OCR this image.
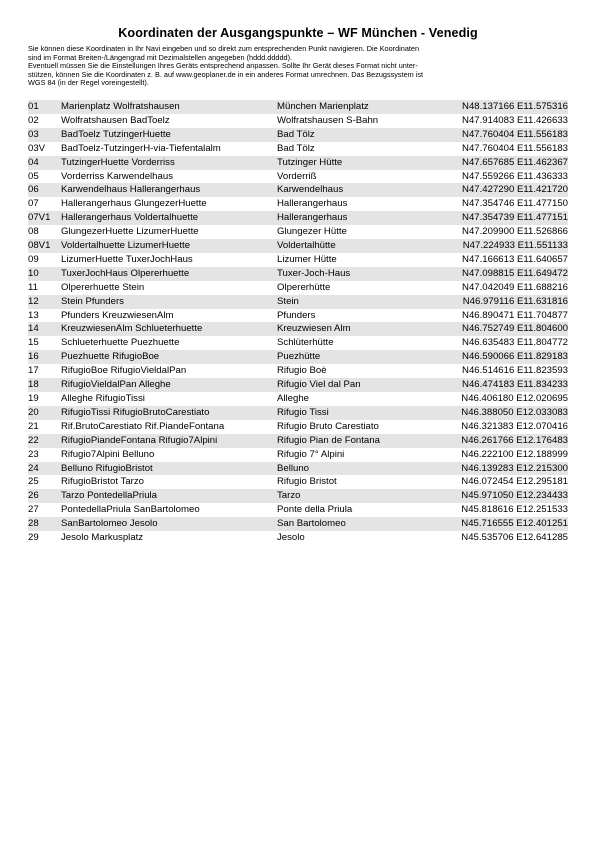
Koordinaten der Ausgangspunkte – WF München - Venedig
Sie können diese Koordinaten in Ihr Navi eingeben und so direkt zum entsprechenden Punkt navigieren. Die Koordinaten
sind im Format Breiten-/Längengrad mit Dezimalstellen angegeben (hddd.ddddd).
Eventuell müssen Sie die Einstellungen Ihres Geräts entsprechend anpassen. Sollte Ihr Gerät dieses Format nicht unter-
stützen, können Sie die Koordinaten z. B. auf www.geoplaner.de in ein anderes Format umrechnen. Das Bezugssystem ist
WGS 84 (in der Regel voreingestellt).
01	Marienplatz Wolfratshausen	München Marienplatz	N48.137166 E11.575316
02	Wolfratshausen BadToelz	Wolfratshausen S-Bahn	N47.914083 E11.426633
03	BadToelz TutzingerHuette	Bad Tölz	N47.760404 E11.556183
03V	BadToelz-TutzingerH-via-Tiefentalalm	Bad Tölz	N47.760404 E11.556183
04	TutzingerHuette Vorderriss	Tutzinger Hütte	N47.657685 E11.462367
05	Vorderriss Karwendelhaus	Vorderriß	N47.559266 E11.436333
06	Karwendelhaus Hallerangerhaus	Karwendelhaus	N47.427290 E11.421720
07	Hallerangerhaus GlungezerHuette	Hallerangerhaus	N47.354746 E11.477150
07V1	Hallerangerhaus Voldertalhuette	Hallerangerhaus	N47.354739 E11.477151
08	GlungezerHuette LizumerHuette	Glungezer Hütte	N47.209900 E11.526866
08V1	Voldertalhuette LizumerHuette	Voldertalhütte	N47.224933 E11.551133
09	LizumerHuette TuxerJochHaus	Lizumer Hütte	N47.166613 E11.640657
10	TuxerJochHaus Olpererhuette	Tuxer-Joch-Haus	N47.098815 E11.649472
11	Olpererhuette Stein	Olpererhütte	N47.042049 E11.688216
12	Stein Pfunders	Stein	N46.979116 E11.631816
13	Pfunders KreuzwiesenAlm	Pfunders	N46.890471 E11.704877
14	KreuzwiesenAlm Schlueterhuette	Kreuzwiesen Alm	N46.752749 E11.804600
15	Schlueterhuette Puezhuette	Schlüterhütte	N46.635483 E11.804772
16	Puezhuette RifugioBoe	Puezhütte	N46.590066 E11.829183
17	RifugioBoe RifugioVieldalPan	Rifugio Boè	N46.514616 E11.823593
18	RifugioVieldalPan Alleghe	Rifugio Viel dal Pan	N46.474183 E11.834233
19	Alleghe RifugioTissi	Alleghe	N46.406180 E12.020695
20	RifugioTissi RifugioBrutoCarestiato	Rifugio Tissi	N46.388050 E12.033083
21	Rif.BrutoCarestiato Rif.PiandeFontana	Rifugio Bruto Carestiato	N46.321383 E12.070416
22	RifugioPiandeFontana Rifugio7Alpini	Rifugio Pian de Fontana	N46.261766 E12.176483
23	Rifugio7Alpini Belluno	Rifugio 7° Alpini	N46.222100 E12.188999
24	Belluno RifugioBristot	Belluno	N46.139283 E12.215300
25	RifugioBristot Tarzo	Rifugio Bristot	N46.072454 E12.295181
26	Tarzo PontedellaPriula	Tarzo	N45.971050 E12.234433
27	PontedellaPriula SanBartolomeo	Ponte della Priula	N45.818616 E12.251533
28	SanBartolomeo Jesolo	San Bartolomeo	N45.716555 E12.401251
29	Jesolo Markusplatz	Jesolo	N45.535706 E12.641285
